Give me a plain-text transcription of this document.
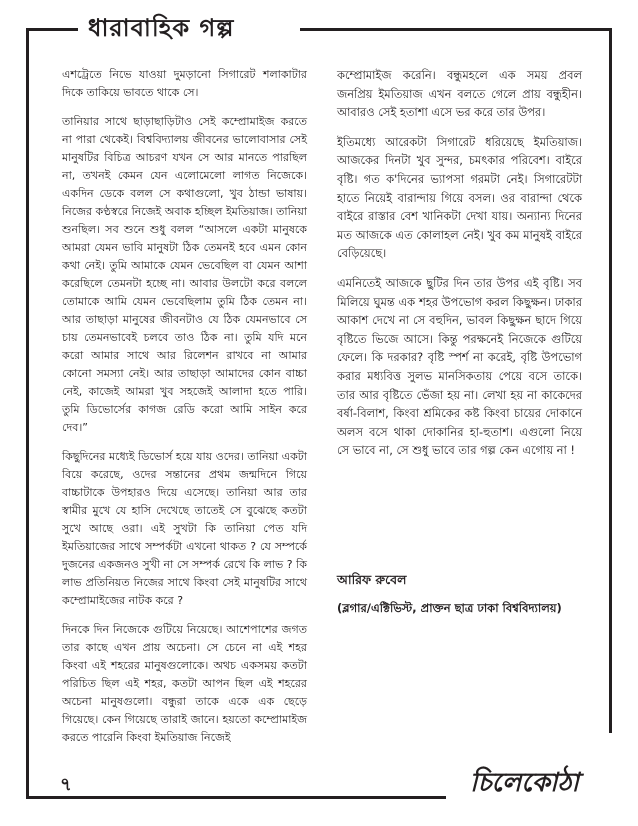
ধারাবাহিক গল্প

এশট্রেতে নিভে যাওয়া দুমড়ানো সিগারেট শলাকাটার দিকে তাকিয়ে ভাবতে থাকে সে।

তানিয়ার সাথে ছাড়াছাড়িটাও সেই কম্প্রোমাইজ করতে না পারা থেকেই। বিশ্ববিদ্যালয় জীবনের ভালোবাসার সেই মানুষটির বিচিত্র আচরণ যখন সে আর মানতে পারছিল না, তখনই কেমন যেন এলোমেলো লাগত নিজেকে। একদিন ডেকে বলল সে কথাগুলো, খুব ঠান্ডা ভাষায়। নিজের কণ্ঠস্বরে নিজেই অবাক হচ্ছিল ইমতিয়াজ। তানিয়া শুনছিল। সব শুনে শুধু বলল “আসলে একটা মানুষকে আমরা যেমন ভাবি মানুষটা ঠিক তেমনই হবে এমন কোন কথা নেই। তুমি আমাকে যেমন ভেবেছিল বা যেমন আশা করেছিলে তেমনটা হচ্ছে না। আবার উলটো করে বললে তোমাকে আমি যেমন ভেবেছিলাম তুমি ঠিক তেমন না। আর তাছাড়া মানুষের জীবনটাও যে ঠিক যেমনভাবে সে চায় তেমনভাবেই চলবে তাও ঠিক না। তুমি যদি মনে করো আমার সাথে আর রিলেশন রাখবে না আমার কোনো সমস্যা নেই। আর তাছাড়া আমাদের কোন বাচ্চা নেই, কাজেই আমরা খুব সহজেই আলাদা হতে পারি। তুমি ডিভোর্সের কাগজ রেডি করো আমি সাইন করে দেব।”

কিছুদিনের মধ্যেই ডিভোর্স হয়ে যায় ওদের। তানিয়া একটা বিয়ে করেছে, ওদের সন্তানের প্রথম জন্মদিনে গিয়ে বাচ্চাটাকে উপহারও দিয়ে এসেছে। তানিয়া আর তার স্বামীর মুখে যে হাসি দেখেছে তাতেই সে বুঝেছে কতটা সুখে আছে ওরা। এই সুখটা কি তানিয়া পেত যদি ইমতিয়াজের সাথে সম্পর্কটা এখনো থাকত ? যে সম্পর্কে দুজনের একজনও সুখী না সে সম্পর্ক রেখে কি লাভ ? কি লাভ প্রতিনিয়ত নিজের সাথে কিংবা সেই মানুষটির সাথে কম্প্রোমাইজের নাটক করে ?

দিনকে দিন নিজেকে গুটিয়ে নিয়েছে। আশেপাশের জগত তার কাছে এখন প্রায় অচেনা। সে চেনে না এই শহর কিংবা এই শহরের মানুষগুলোকে। অথচ একসময় কতটা পরিচিত ছিল এই শহর, কতটা আপন ছিল এই শহরের অচেনা মানুষগুলো। বন্ধুরা তাকে একে এক ছেড়ে গিয়েছে। কেন গিয়েছে তারাই জানে। হয়তো কম্প্রোমাইজ করতে পারেনি কিংবা ইমতিয়াজ নিজেই

কম্প্রোমাইজ করেনি। বন্ধুমহলে এক সময় প্রবল জনপ্রিয় ইমতিয়াজ এখন বলতে গেলে প্রায় বন্ধুহীন। আবারও সেই হতাশা এসে ভর করে তার উপর।

ইতিমধ্যে আরেকটা সিগারেট ধরিয়েছে ইমতিয়াজ। আজকের দিনটা খুব সুন্দর, চমৎকার পরিবেশ। বাইরে বৃষ্টি। গত ক'দিনের ভ্যাপসা গরমটা নেই। সিগারেটটা হাতে নিয়েই বারান্দায় গিয়ে বসল। ওর বারান্দা থেকে বাইরে রাস্তার বেশ খানিকটা দেখা যায়। অন্যান্য দিনের মত আজকে এত কোলাহল নেই। খুব কম মানুষই বাইরে বেড়িয়েছে।

এমনিতেই আজকে ছুটির দিন তার উপর এই বৃষ্টি। সব মিলিয়ে ঘুমন্ত এক শহর উপভোগ করল কিছুক্ষন। ঢাকার আকাশ দেখে না সে বহুদিন, ভাবল কিছুক্ষন ছাদে গিয়ে বৃষ্টিতে ভিজে আসে। কিন্তু পরক্ষনেই নিজেকে গুটিয়ে ফেলে। কি দরকার? বৃষ্টি স্পর্শ না করেই, বৃষ্টি উপভোগ করার মধ্যবিত্ত সুলভ মানসিকতায় পেয়ে বসে তাকে। তার আর বৃষ্টিতে ভেঁজা হয় না। লেখা হয় না কাকেদের বর্ষা-বিলাশ, কিংবা শ্রমিকের কষ্ট কিংবা চায়ের দোকানে অলস বসে থাকা দোকানির হা-হুতাশ। এগুলো নিয়ে সে ভাবে না, সে শুধু ভাবে তার গল্প কেন এগোয় না !

আরিফ রুবেল
(ব্লগার/এক্টিভিস্ট, প্রাক্তন ছাত্র ঢাকা বিশ্ববিদ্যালয়)
৭	চিলেকোঠা
